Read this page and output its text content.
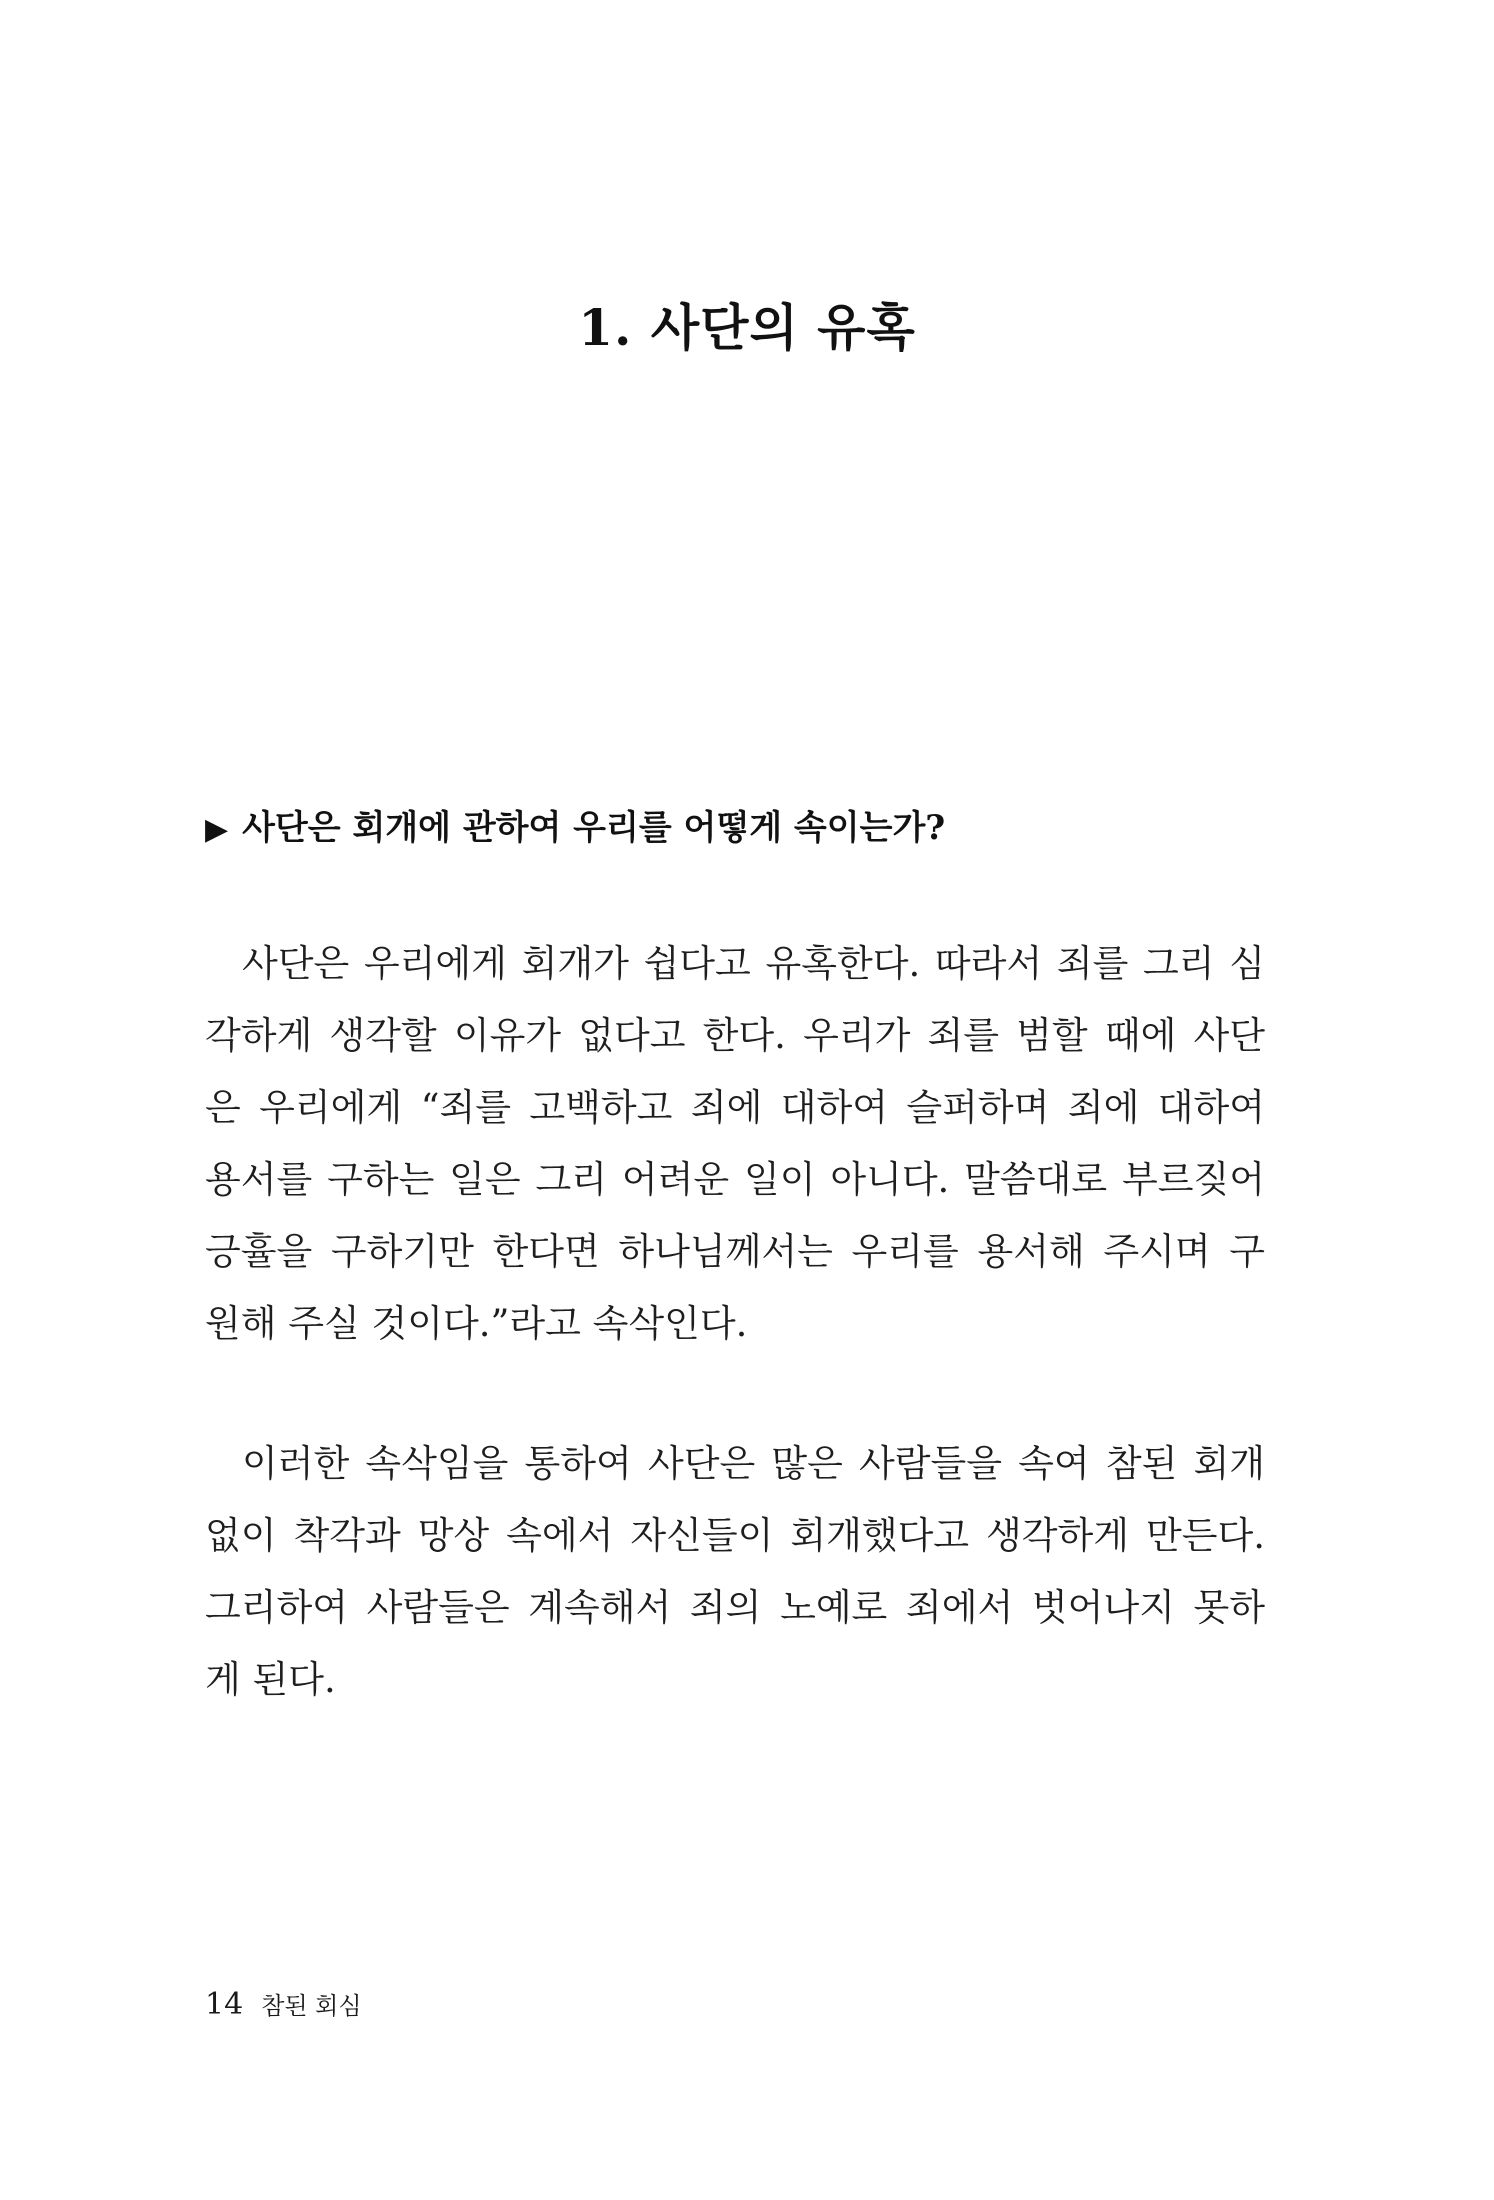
1. 사단의 유혹
▶ 사단은 회개에 관하여 우리를 어떻게 속이는가?
사단은 우리에게 회개가 쉽다고 유혹한다. 따라서 죄를 그리 심
각하게 생각할 이유가 없다고 한다. 우리가 죄를 범할 때에 사단
은 우리에게 “죄를 고백하고 죄에 대하여 슬퍼하며 죄에 대하여
용서를 구하는 일은 그리 어려운 일이 아니다. 말씀대로 부르짖어
긍휼을 구하기만 한다면 하나님께서는 우리를 용서해 주시며 구
원해 주실 것이다.”라고 속삭인다.
이러한 속삭임을 통하여 사단은 많은 사람들을 속여 참된 회개
없이 착각과 망상 속에서 자신들이 회개했다고 생각하게 만든다.
그리하여 사람들은 계속해서 죄의 노예로 죄에서 벗어나지 못하
게 된다.
14 참된 회심
